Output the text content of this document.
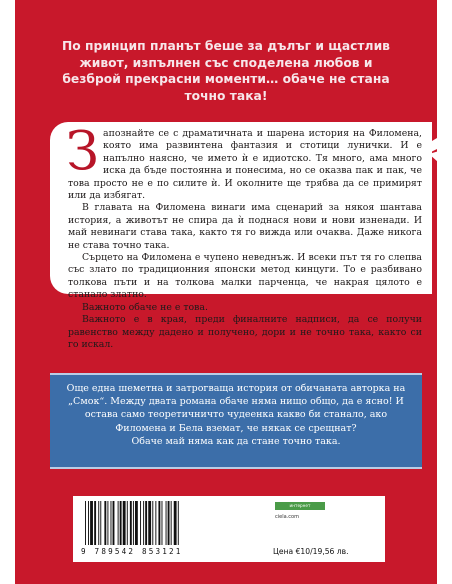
По принцип планът беше за дълъг и щастлив живот, изпълнен със споделена любов и безброй прекрасни моменти… обаче не стана точно така!

Запознайте се с драматичната и шарена история на Филомена, която има развинтена фантазия и стотици лунички. И е напълно наясно, че името ѝ е идиотско. Тя много, ама много иска да бъде постоянна и понесима, но се оказва пак и пак, че това просто не е по силите ѝ. И околните ще трябва да се примирят или да избягат.

В главата на Филомена винаги има сценарий за някоя шантава история, а животът не спира да ѝ поднася нови и нови изненади. И май невинаги става така, както тя го вижда или очаква. Даже никога не става точно така.

Сърцето на Филомена е чупено неведнъж. И всеки път тя го слепва със злато по традиционния японски метод кинцуги. То е разбивано толкова пъти и на толкова малки парченца, че накрая цялото е станало златно.

Важното обаче не е това.

Важното е в края, преди финалните надписи, да се получи равенство между дадено и получено, дори и не точно така, както си го искал.

Още една шеметна и затрогваща история от обичаната авторка на „Смок“. Между двата романа обаче няма нищо общо, да е ясно! И остава само теоретичничто чудеенка какво би станало, ако Филомена и Бела вземат, че някак се срещнат?

Обаче май няма как да стане точно така.

интернет книжарница
ciela.com
9 789542 853121	Цена €10/19,56 лв.
